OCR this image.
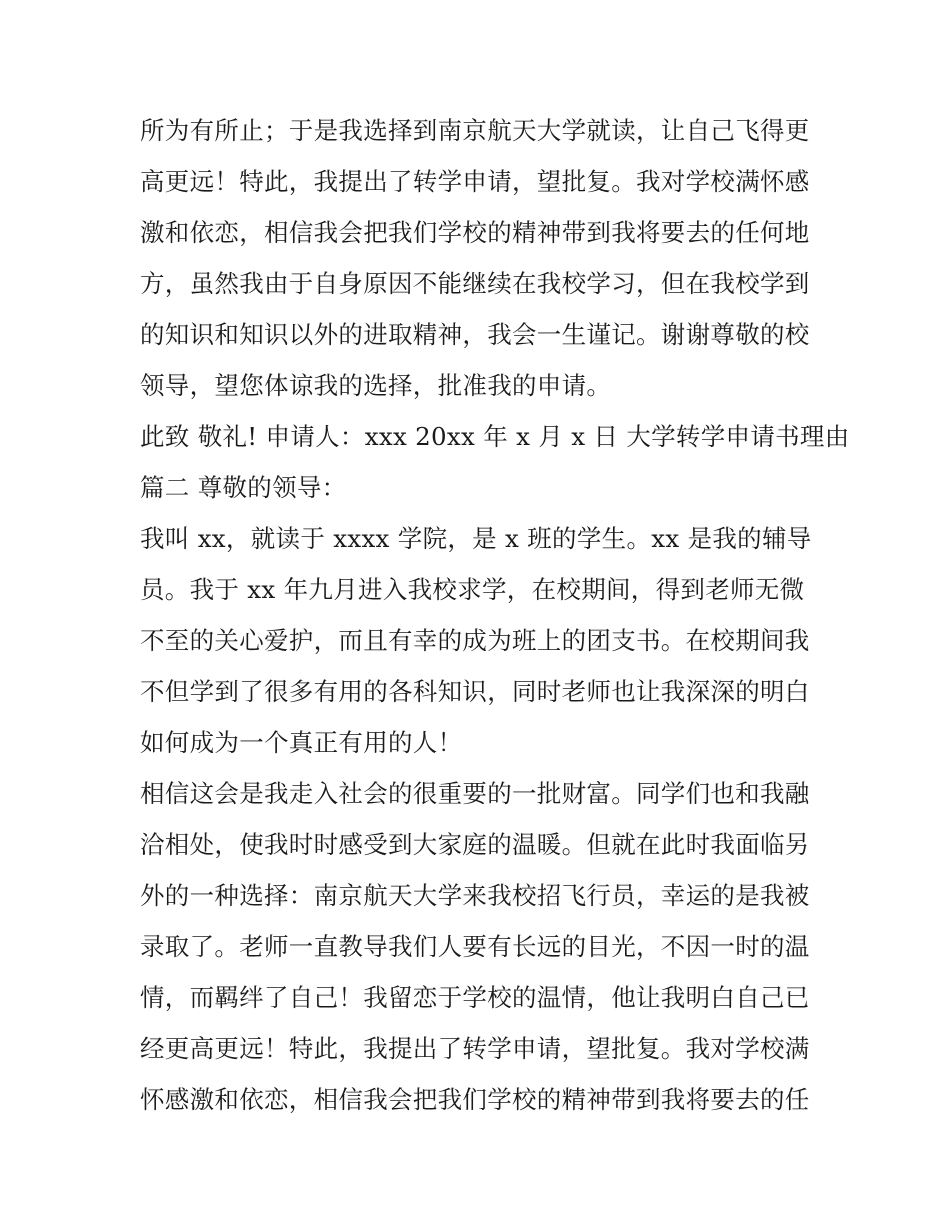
所为有所止；于是我选择到南京航天大学就读，让自己飞得更
高更远！特此，我提出了转学申请，望批复。我对学校满怀感
激和依恋，相信我会把我们学校的精神带到我将要去的任何地
方，虽然我由于自身原因不能继续在我校学习，但在我校学到
的知识和知识以外的进取精神，我会一生谨记。谢谢尊敬的校
领导，望您体谅我的选择，批准我的申请。
此致 敬礼! 申请人：xxx 20xx 年 x 月 x 日 大学转学申请书理由
篇二 尊敬的领导：
我叫 xx，就读于 xxxx 学院，是 x 班的学生。xx 是我的辅导
员。我于 xx 年九月进入我校求学，在校期间，得到老师无微
不至的关心爱护，而且有幸的成为班上的团支书。在校期间我
不但学到了很多有用的各科知识，同时老师也让我深深的明白
如何成为一个真正有用的人！
相信这会是我走入社会的很重要的一批财富。同学们也和我融
洽相处，使我时时感受到大家庭的温暖。但就在此时我面临另
外的一种选择：南京航天大学来我校招飞行员，幸运的是我被
录取了。老师一直教导我们人要有长远的目光，不因一时的温
情，而羁绊了自己！我留恋于学校的温情，他让我明白自己已
经更高更远！特此，我提出了转学申请，望批复。我对学校满
怀感激和依恋，相信我会把我们学校的精神带到我将要去的任
